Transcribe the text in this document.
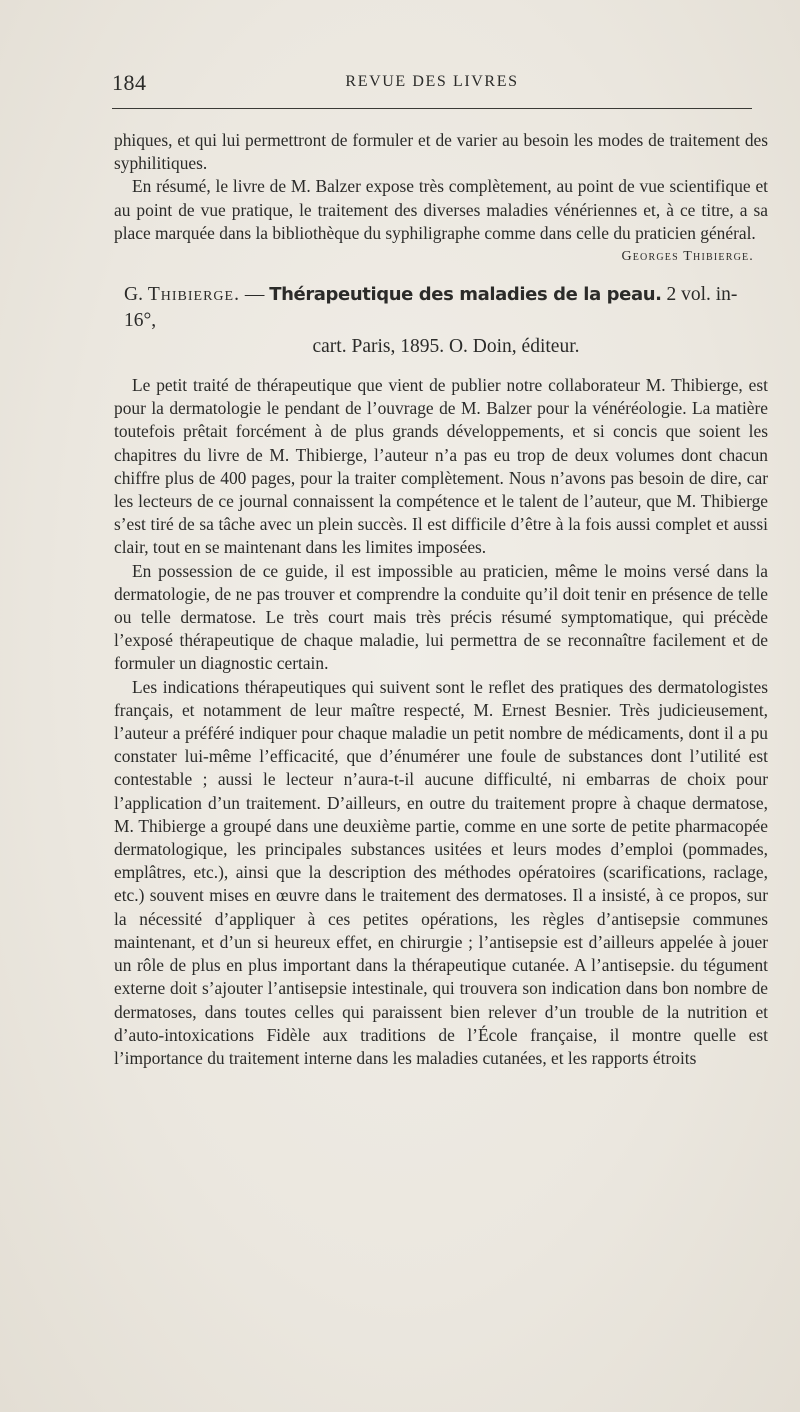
184	REVUE DES LIVRES

phiques, et qui lui permettront de formuler et de varier au besoin les modes de traitement des syphilitiques.

En résumé, le livre de M. Balzer expose très complètement, au point de vue scientifique et au point de vue pratique, le traitement des diverses maladies vénériennes et, à ce titre, a sa place marquée dans la bibliothèque du syphiligraphe comme dans celle du praticien général.

Georges Thibierge.
G. Thibierge. — Thérapeutique des maladies de la peau. 2 vol. in-16°,
cart. Paris, 1895. O. Doin, éditeur.

Le petit traité de thérapeutique que vient de publier notre collaborateur M. Thibierge, est pour la dermatologie le pendant de l’ouvrage de M. Balzer pour la vénéréologie. La matière toutefois prêtait forcément à de plus grands développements, et si concis que soient les chapitres du livre de M. Thibierge, l’auteur n’a pas eu trop de deux volumes dont chacun chiffre plus de 400 pages, pour la traiter complètement. Nous n’avons pas besoin de dire, car les lecteurs de ce journal connaissent la compétence et le talent de l’auteur, que M. Thibierge s’est tiré de sa tâche avec un plein succès. Il est difficile d’être à la fois aussi complet et aussi clair, tout en se maintenant dans les limites imposées.

En possession de ce guide, il est impossible au praticien, même le moins versé dans la dermatologie, de ne pas trouver et comprendre la conduite qu’il doit tenir en présence de telle ou telle dermatose. Le très court mais très précis résumé symptomatique, qui précède l’exposé thérapeutique de chaque maladie, lui permettra de se reconnaître facilement et de formuler un diagnostic certain.

Les indications thérapeutiques qui suivent sont le reflet des pratiques des dermatologistes français, et notamment de leur maître respecté, M. Ernest Besnier. Très judicieusement, l’auteur a préféré indiquer pour chaque maladie un petit nombre de médicaments, dont il a pu constater lui-même l’efficacité, que d’énumérer une foule de substances dont l’utilité est contestable ; aussi le lecteur n’aura-t-il aucune difficulté, ni embarras de choix pour l’application d’un traitement. D’ailleurs, en outre du traitement propre à chaque dermatose, M. Thibierge a groupé dans une deuxième partie, comme en une sorte de petite pharmacopée dermatologique, les principales substances usitées et leurs modes d’emploi (pommades, emplâtres, etc.), ainsi que la description des méthodes opératoires (scarifications, raclage, etc.) souvent mises en œuvre dans le traitement des dermatoses. Il a insisté, à ce propos, sur la nécessité d’appliquer à ces petites opérations, les règles d’antisepsie communes maintenant, et d’un si heureux effet, en chirurgie ; l’antisepsie est d’ailleurs appelée à jouer un rôle de plus en plus important dans la thérapeutique cutanée. A l’antisepsie. du tégument externe doit s’ajouter l’antisepsie intestinale, qui trouvera son indication dans bon nombre de dermatoses, dans toutes celles qui paraissent bien relever d’un trouble de la nutrition et d’auto-intoxications Fidèle aux traditions de l’École française, il montre quelle est l’importance du traitement interne dans les maladies cutanées, et les rapports étroits
